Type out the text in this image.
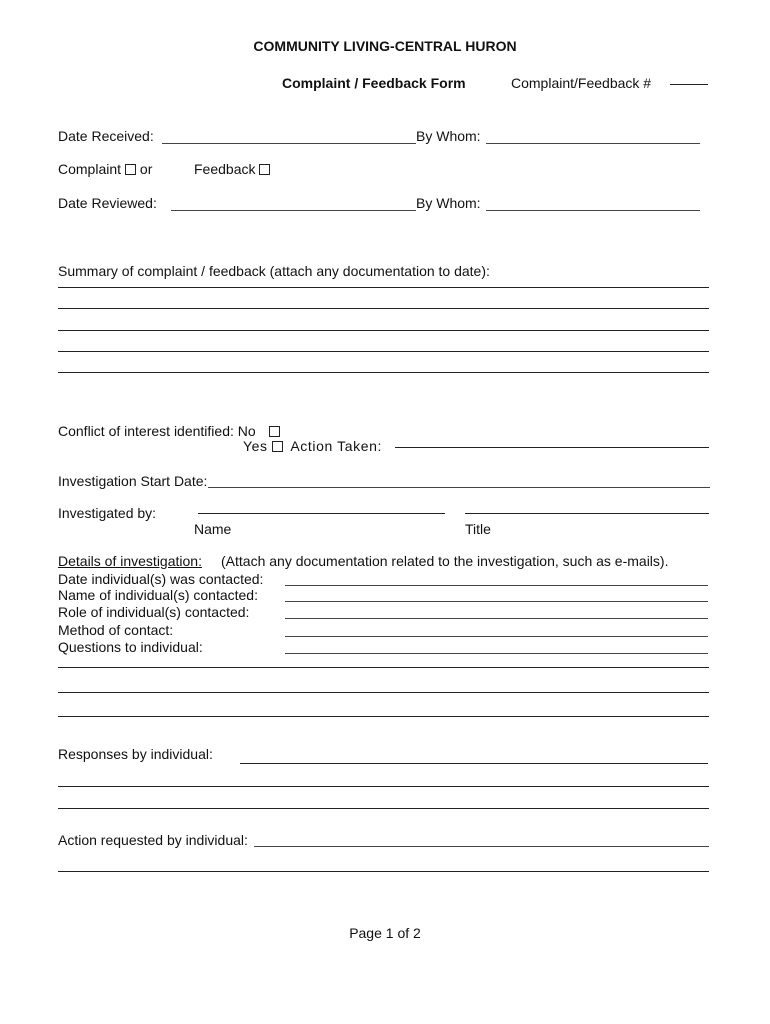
COMMUNITY LIVING-CENTRAL HURON
Complaint / Feedback Form	Complaint/Feedback #
Date Received:	By Whom:
Complaint or	Feedback
Date Reviewed:	By Whom:
Summary of complaint / feedback (attach any documentation to date):
Conflict of interest identified: No
Yes Action Taken:
Investigation Start Date:
Investigated by:
Name	Title
Details of investigation: (Attach any documentation related to the investigation, such as e-mails).
Date individual(s) was contacted:
Name of individual(s) contacted:
Role of individual(s) contacted:
Method of contact:
Questions to individual:
Responses by individual:
Action requested by individual:
Page 1 of 2
